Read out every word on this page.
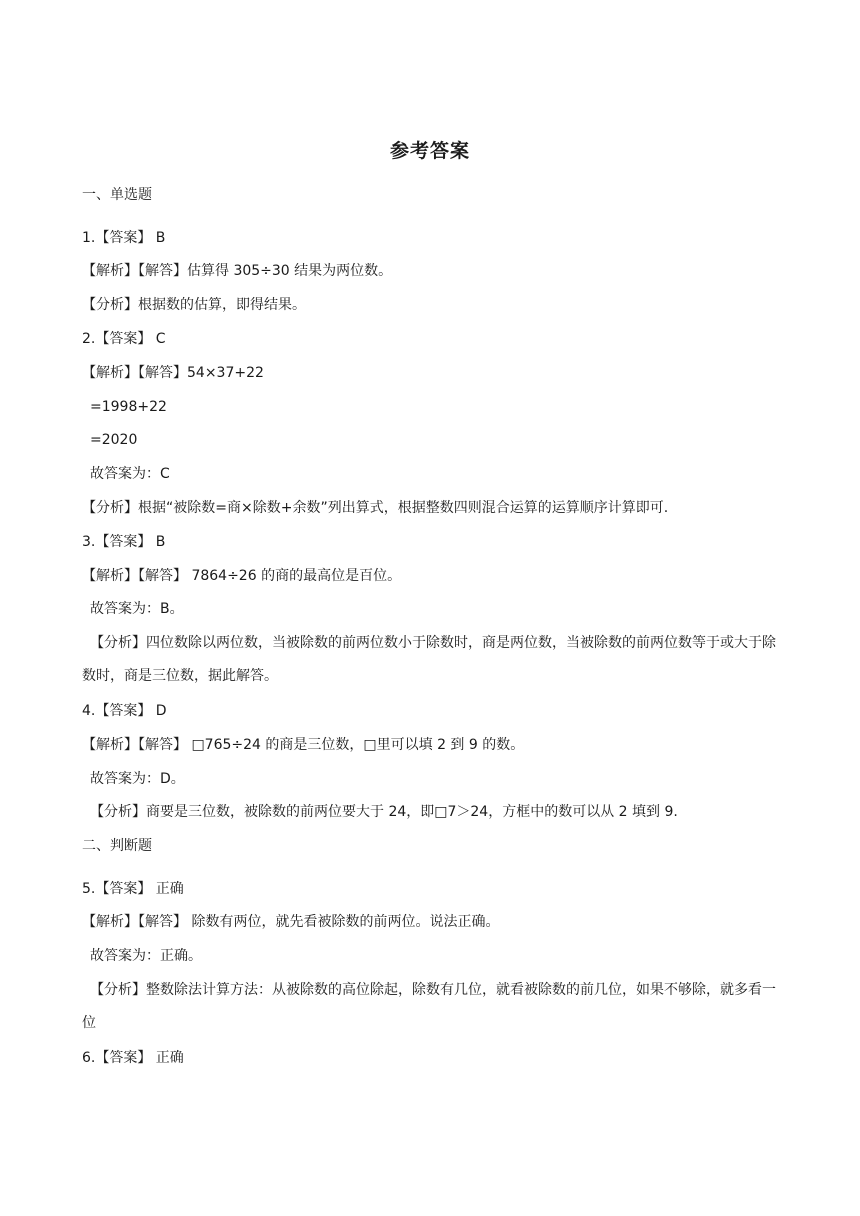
参考答案
一、单选题
1.【答案】 B
【解析】【解答】估算得 305÷30 结果为两位数。
【分析】根据数的估算，即得结果。
2.【答案】 C
【解析】【解答】54×37+22
=1998+22
=2020
故答案为：C
【分析】根据“被除数=商×除数+余数”列出算式，根据整数四则混合运算的运算顺序计算即可.
3.【答案】 B
【解析】【解答】 7864÷26 的商的最高位是百位。
故答案为：B。
【分析】四位数除以两位数，当被除数的前两位数小于除数时，商是两位数，当被除数的前两位数等于或大于除数时，商是三位数，据此解答。
4.【答案】 D
【解析】【解答】 □765÷24 的商是三位数，□里可以填 2 到 9 的数。
故答案为：D。
【分析】商要是三位数，被除数的前两位要大于 24，即□7＞24，方框中的数可以从 2 填到 9.
二、判断题
5.【答案】 正确
【解析】【解答】 除数有两位，就先看被除数的前两位。说法正确。
故答案为：正确。
【分析】整数除法计算方法：从被除数的高位除起，除数有几位，就看被除数的前几位，如果不够除，就多看一位
6.【答案】 正确
